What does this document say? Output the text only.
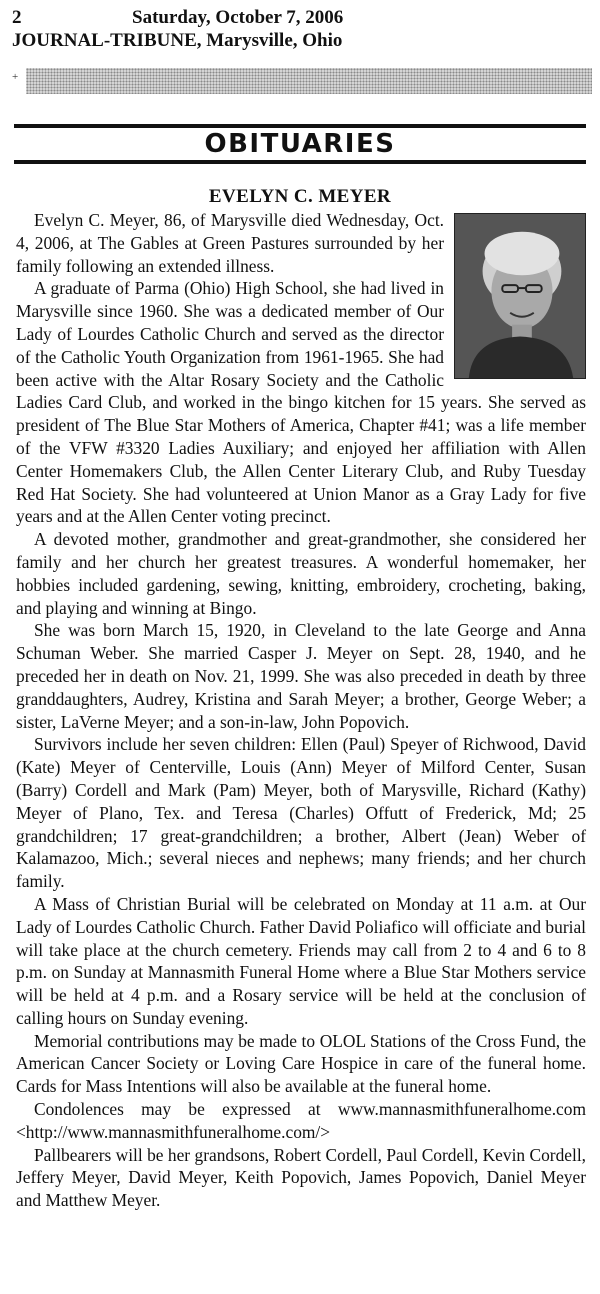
2	Saturday, October 7, 2006
JOURNAL-TRIBUNE, Marysville, Ohio
+
OBITUARIES
EVELYN C. MEYER

Evelyn C. Meyer, 86, of Marysville died Wednesday, Oct. 4, 2006, at The Gables at Green Pastures surrounded by her family following an extended illness.

A graduate of Parma (Ohio) High School, she had lived in Marysville since 1960. She was a dedicated member of Our Lady of Lourdes Catholic Church and served as the director of the Catholic Youth Organization from 1961-1965. She had been active with the Altar Rosary Society and the Catholic Ladies Card Club, and worked in the bingo kitchen for 15 years. She served as president of The Blue Star Mothers of America, Chapter #41; was a life member of the VFW #3320 Ladies Auxiliary; and enjoyed her affiliation with Allen Center Homemakers Club, the Allen Center Literary Club, and Ruby Tuesday Red Hat Society. She had volunteered at Union Manor as a Gray Lady for five years and at the Allen Center voting precinct.

A devoted mother, grandmother and great-grandmother, she considered her family and her church her greatest treasures. A wonderful homemaker, her hobbies included gardening, sewing, knitting, embroidery, crocheting, baking, and playing and winning at Bingo.

She was born March 15, 1920, in Cleveland to the late George and Anna Schuman Weber. She married Casper J. Meyer on Sept. 28, 1940, and he preceded her in death on Nov. 21, 1999. She was also preceded in death by three granddaughters, Audrey, Kristina and Sarah Meyer; a brother, George Weber; a sister, LaVerne Meyer; and a son-in-law, John Popovich.

Survivors include her seven children: Ellen (Paul) Speyer of Richwood, David (Kate) Meyer of Centerville, Louis (Ann) Meyer of Milford Center, Susan (Barry) Cordell and Mark (Pam) Meyer, both of Marysville, Richard (Kathy) Meyer of Plano, Tex. and Teresa (Charles) Offutt of Frederick, Md; 25 grandchildren; 17 great-grandchildren; a brother, Albert (Jean) Weber of Kalamazoo, Mich.; several nieces and nephews; many friends; and her church family.

A Mass of Christian Burial will be celebrated on Monday at 11 a.m. at Our Lady of Lourdes Catholic Church. Father David Poliafico will officiate and burial will take place at the church cemetery. Friends may call from 2 to 4 and 6 to 8 p.m. on Sunday at Mannasmith Funeral Home where a Blue Star Mothers service will be held at 4 p.m. and a Rosary service will be held at the conclusion of calling hours on Sunday evening.

Memorial contributions may be made to OLOL Stations of the Cross Fund, the American Cancer Society or Loving Care Hospice in care of the funeral home. Cards for Mass Intentions will also be available at the funeral home.

Condolences may be expressed at www.mannasmithfuneralhome.com <http://www.mannasmithfuneralhome.com/>

Pallbearers will be her grandsons, Robert Cordell, Paul Cordell, Kevin Cordell, Jeffery Meyer, David Meyer, Keith Popovich, James Popovich, Daniel Meyer and Matthew Meyer.
